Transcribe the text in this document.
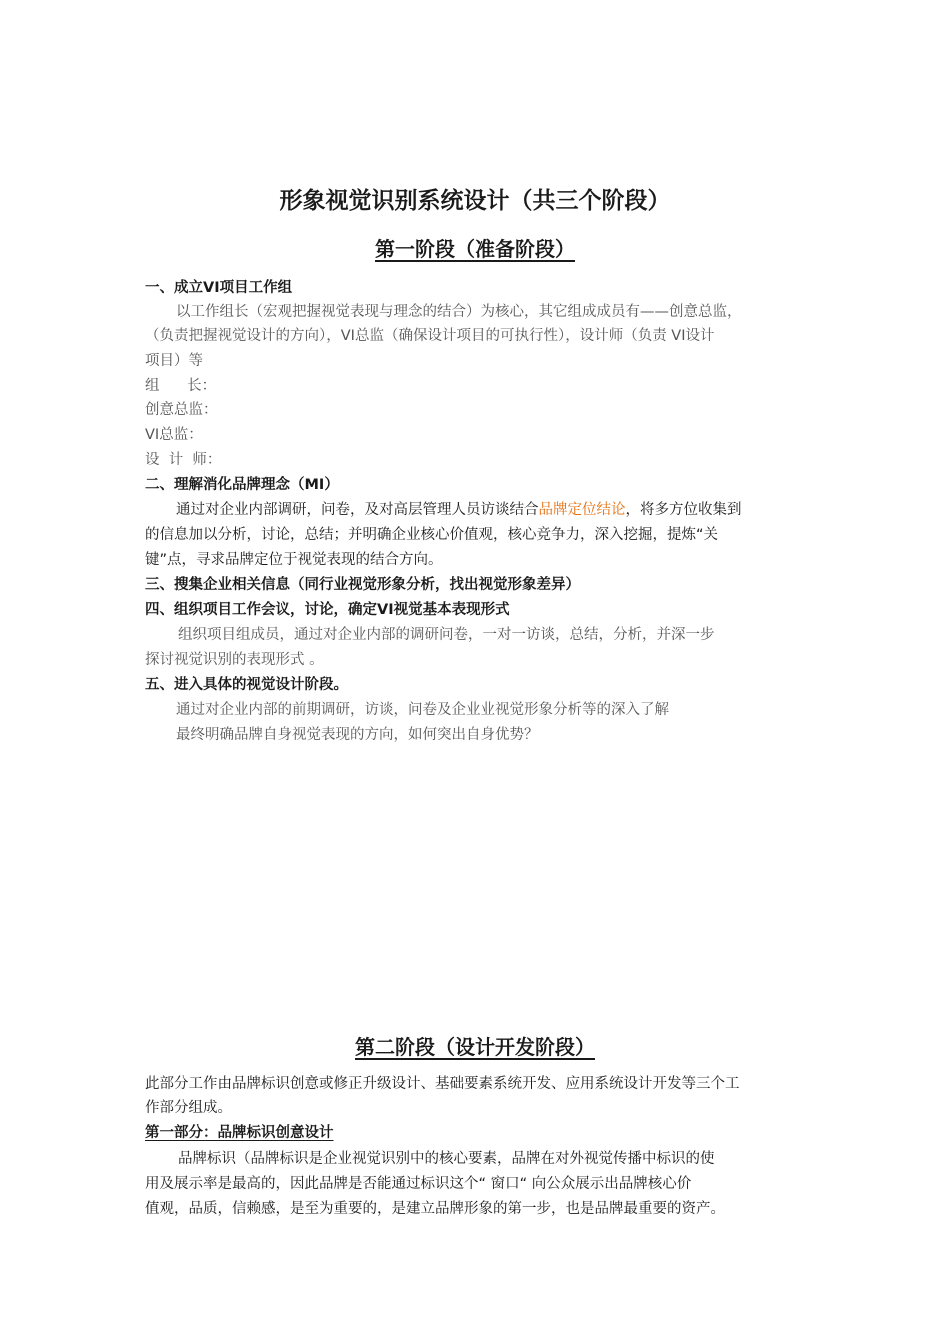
形象视觉识别系统设计（共三个阶段）
第一阶段（准备阶段）
一、成立VI项目工作组
以工作组长（宏观把握视觉表现与理念的结合）为核心，其它组成成员有——创意总监，
（负责把握视觉设计的方向），VI总监（确保设计项目的可执行性），设计师（负责 VI设计
项目）等
组      长：
创意总监：
VI总监：
设  计  师：
二、理解消化品牌理念（MI）
通过对企业内部调研，问卷，及对高层管理人员访谈结合品牌定位结论，将多方位收集到
的信息加以分析，讨论，总结；并明确企业核心价值观，核心竞争力，深入挖掘，提炼“关
键”点，寻求品牌定位于视觉表现的结合方向。
三、搜集企业相关信息（同行业视觉形象分析，找出视觉形象差异）
四、组织项目工作会议，讨论，确定VI视觉基本表现形式
组织项目组成员，通过对企业内部的调研问卷，一对一访谈，总结，分析，并深一步
探讨视觉识别的表现形式 。
五、进入具体的视觉设计阶段。
通过对企业内部的前期调研，访谈，问卷及企业业视觉形象分析等的深入了解
最终明确品牌自身视觉表现的方向，如何突出自身优势？
第二阶段（设计开发阶段）
此部分工作由品牌标识创意或修正升级设计、基础要素系统开发、应用系统设计开发等三个工
作部分组成。
第一部分：品牌标识创意设计
品牌标识（品牌标识是企业视觉识别中的核心要素，品牌在对外视觉传播中标识的使
用及展示率是最高的，因此品牌是否能通过标识这个“ 窗口“ 向公众展示出品牌核心价
值观，品质，信赖感，是至为重要的，是建立品牌形象的第一步，也是品牌最重要的资产。
